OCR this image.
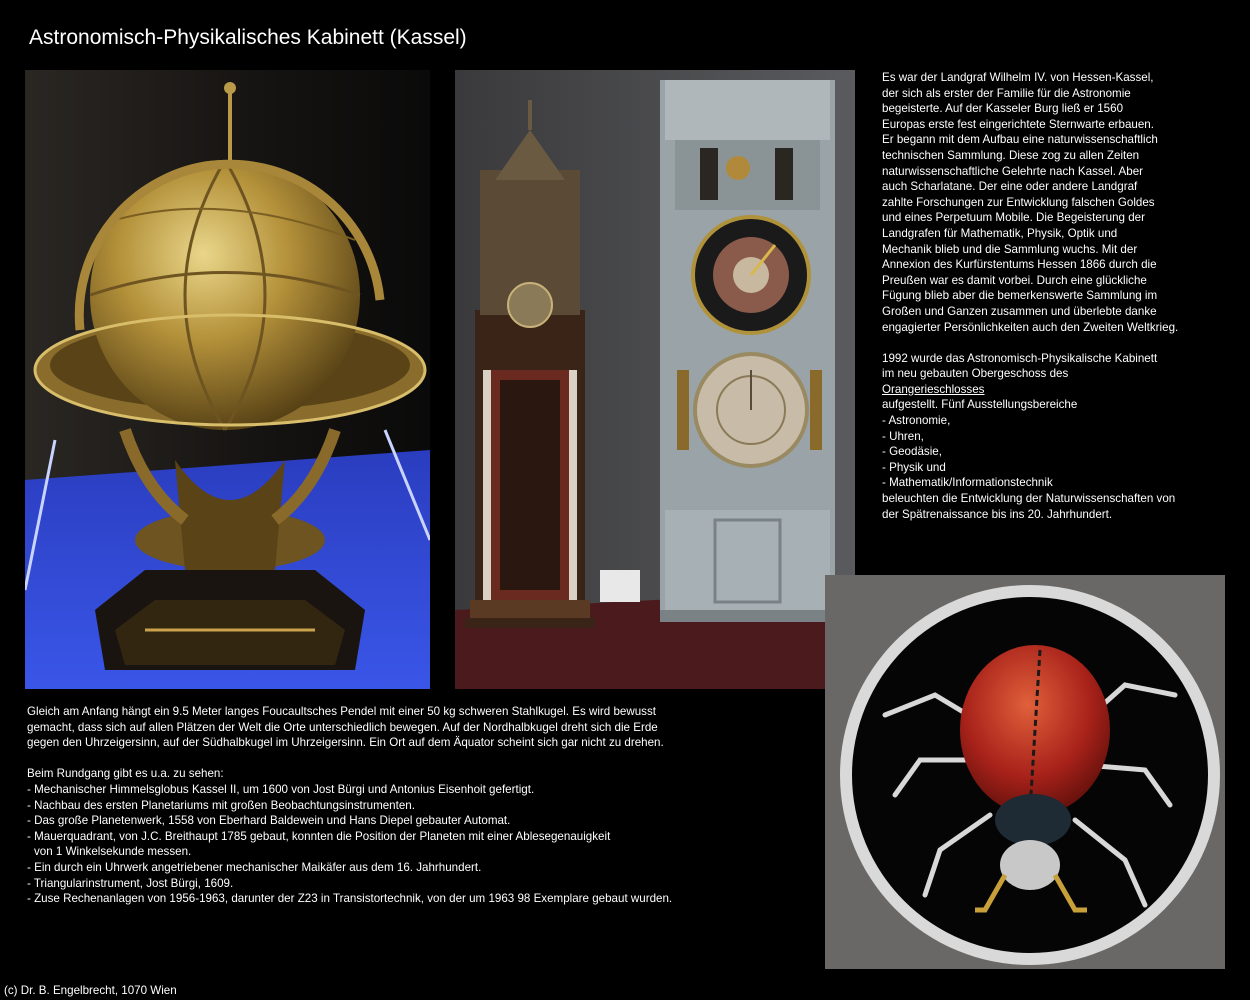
Astronomisch-Physikalisches Kabinett (Kassel)

Es war der Landgraf Wilhelm IV. von Hessen-Kassel,
der sich als erster der Familie für die Astronomie
begeisterte. Auf der Kasseler Burg ließ er 1560
Europas erste fest eingerichtete Sternwarte erbauen.
Er begann mit dem Aufbau eine naturwissenschaftlich
technischen Sammlung. Diese zog zu allen Zeiten
naturwissenschaftliche Gelehrte nach Kassel. Aber
auch Scharlatane. Der eine oder andere Landgraf
zahlte Forschungen zur Entwicklung falschen Goldes
und eines Perpetuum Mobile. Die Begeisterung der
Landgrafen für Mathematik, Physik, Optik und
Mechanik blieb und die Sammlung wuchs. Mit der
Annexion des Kurfürstentums Hessen 1866 durch die
Preußen war es damit vorbei. Durch eine glückliche
Fügung blieb aber die bemerkenswerte Sammlung im
Großen und Ganzen zusammen und überlebte danke
engagierter Persönlichkeiten auch den Zweiten Weltkrieg.

1992 wurde das Astronomisch-Physikalische Kabinett
im neu gebauten Obergeschoss des
Orangerieschlosses
aufgestellt. Fünf Ausstellungsbereiche
- Astronomie,
- Uhren,
- Geodäsie,
- Physik und
- Mathematik/Informationstechnik
beleuchten die Entwicklung der Naturwissenschaften von
der Spätrenaissance bis ins 20. Jahrhundert.

Gleich am Anfang hängt ein 9.5 Meter langes Foucaultsches Pendel mit einer 50 kg schweren Stahlkugel. Es wird bewusst
gemacht, dass sich auf allen Plätzen der Welt die Orte unterschiedlich bewegen. Auf der Nordhalbkugel dreht sich die Erde
gegen den Uhrzeigersinn, auf der Südhalbkugel im Uhrzeigersinn. Ein Ort auf dem Äquator scheint sich gar nicht zu drehen.

Beim Rundgang gibt es u.a. zu sehen:
- Mechanischer Himmelsglobus Kassel II, um 1600 von Jost Bürgi und Antonius Eisenhoit gefertigt.
- Nachbau des ersten Planetariums mit großen Beobachtungsinstrumenten.
- Das große Planetenwerk, 1558 von Eberhard Baldewein und Hans Diepel gebauter Automat.
- Mauerquadrant, von J.C. Breithaupt 1785 gebaut, konnten die Position der Planeten mit einer Ablesegenauigkeit
von 1 Winkelsekunde messen.
- Ein durch ein Uhrwerk angetriebener mechanischer Maikäfer aus dem 16. Jahrhundert.
- Triangularinstrument, Jost Bürgi, 1609.
- Zuse Rechenanlagen von 1956-1963, darunter der Z23 in Transistortechnik, von der um 1963 98 Exemplare gebaut wurden.

(c) Dr. B. Engelbrecht, 1070 Wien
